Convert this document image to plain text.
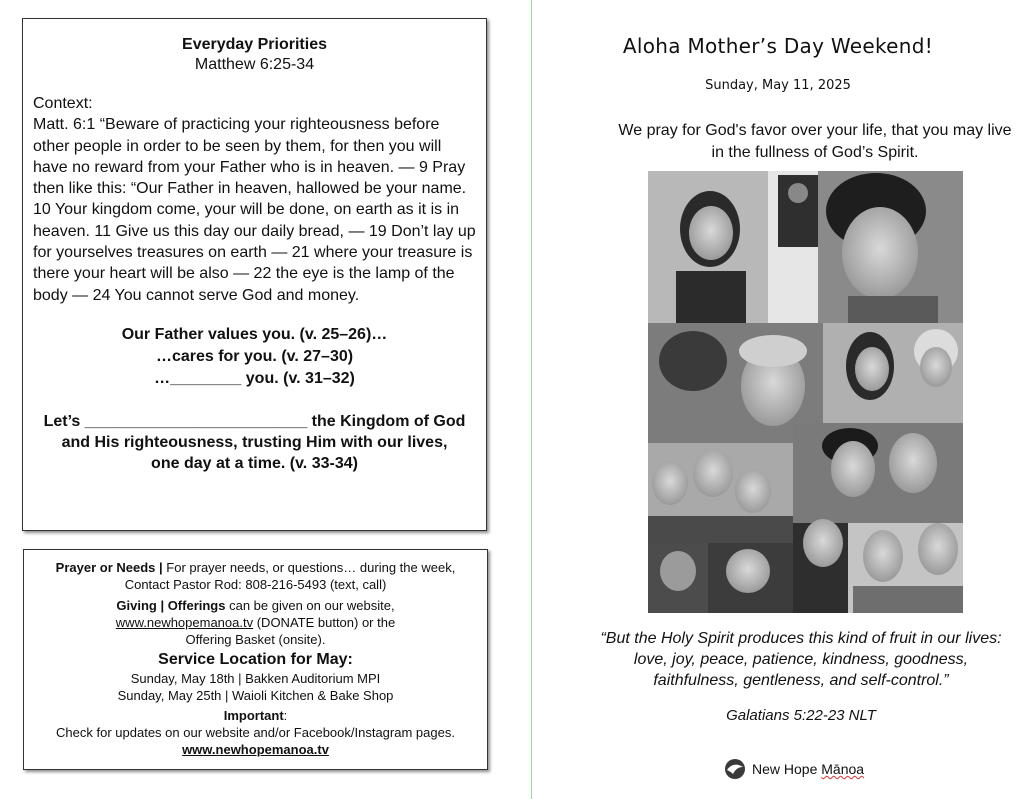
Everyday Priorities
Matthew 6:25-34
Context:
Matt. 6:1 “Beware of practicing your righteousness before other people in order to be seen by them, for then you will have no reward from your Father who is in heaven. — 9 Pray then like this: “Our Father in heaven, hallowed be your name. 10 Your kingdom come, your will be done, on earth as it is in heaven. 11 Give us this day our daily bread, — 19 Don’t lay up for yourselves treasures on earth — 21 where your treasure is there your heart will be also — 22 the eye is the lamp of the body — 24 You cannot serve God and money.
Our Father values you. (v. 25–26)…
…cares for you. (v. 27–30)
…________ you. (v. 31–32)
Let’s _________________________ the Kingdom of God
and His righteousness, trusting Him with our lives,
one day at a time. (v. 33-34)
Prayer or Needs | For prayer needs, or questions… during the week,
Contact Pastor Rod: 808-216-5493 (text, call)
Giving | Offerings can be given on our website,
www.newhopemanoa.tv (DONATE button) or the
Offering Basket (onsite).
Service Location for May:
Sunday, May 18th | Bakken Auditorium MPI
Sunday, May 25th | Waioli Kitchen & Bake Shop
Important:
Check for updates on our website and/or Facebook/Instagram pages.
www.newhopemanoa.tv
Aloha Mother’s Day Weekend!
Sunday, May 11, 2025
We pray for God's favor over your life, that you may live in the fullness of God’s Spirit.
“But the Holy Spirit produces this kind of fruit in our lives: love, joy, peace, patience, kindness, goodness, faithfulness, gentleness, and self-control.”
Galatians 5:22-23 NLT
New Hope Mānoa
